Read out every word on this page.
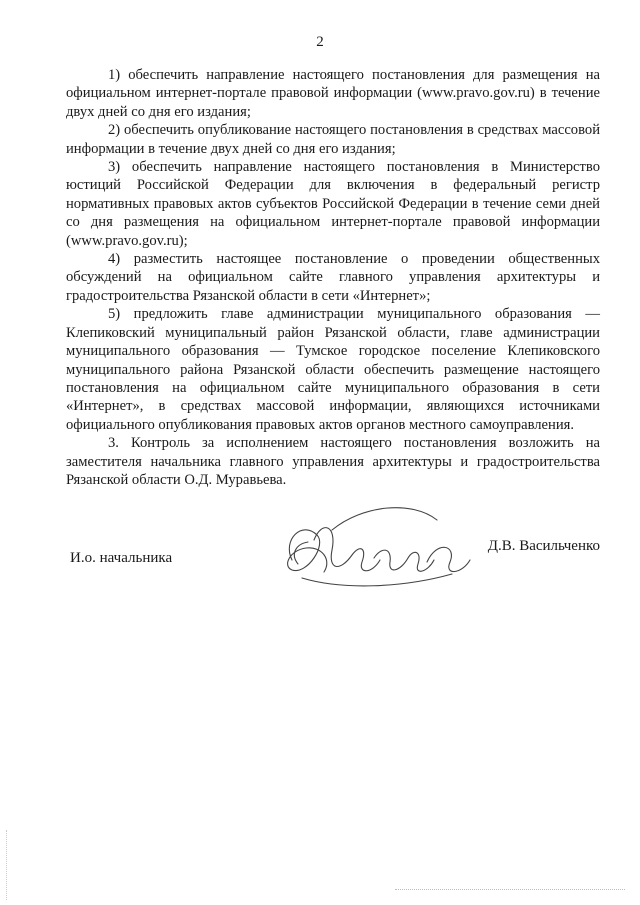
2

1) обеспечить направление настоящего постановления для размещения на официальном интернет-портале правовой информации (www.pravo.gov.ru) в течение двух дней со дня его издания;

2) обеспечить опубликование настоящего постановления в средствах массовой информации в течение двух дней со дня его издания;

3) обеспечить направление настоящего постановления в Министерство юстиций Российской Федерации для включения в федеральный регистр нормативных правовых актов субъектов Российской Федерации в течение семи дней со дня размещения на официальном интернет-портале правовой информации (www.pravo.gov.ru);

4) разместить настоящее постановление о проведении общественных обсуждений на официальном сайте главного управления архитектуры и градостроительства Рязанской области в сети «Интернет»;

5) предложить главе администрации муниципального образования — Клепиковский муниципальный район Рязанской области, главе администрации муниципального образования — Тумское городское поселение Клепиковского муниципального района Рязанской области обеспечить размещение настоящего постановления на официальном сайте муниципального образования в сети «Интернет», в средствах массовой информации, являющихся источниками официального опубликования правовых актов органов местного самоуправления.

3. Контроль за исполнением настоящего постановления возложить на заместителя начальника главного управления архитектуры и градостроительства Рязанской области О.Д. Муравьева.

И.о. начальника
Д.В. Васильченко
